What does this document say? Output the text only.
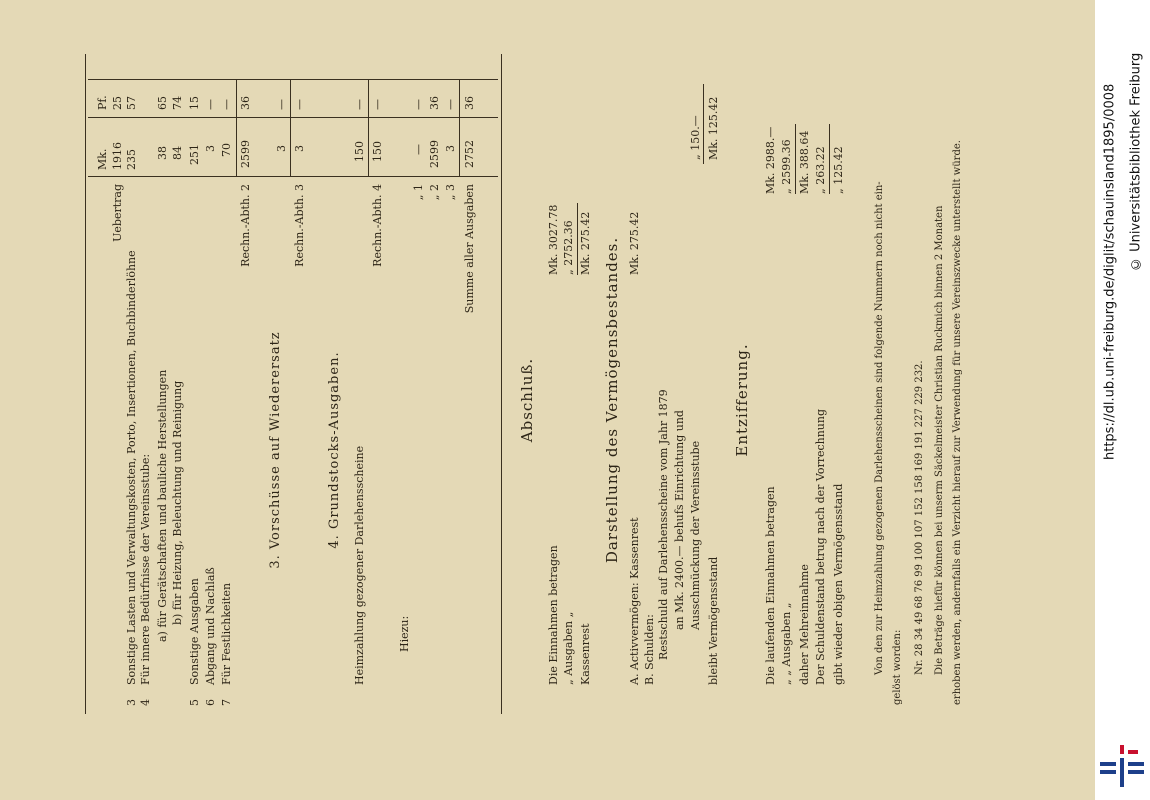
Mk.
Pf.
Uebertrag
1916
25
3
Sonstige Lasten und Verwaltungskosten, Porto, Insertionen, Buchbinderlöhne
235
57
4
Für innere Bedürfnisse der Vereinsstube: a) für Gerätschaften und bauliche Herstellungen
38
65
b) für Heizung, Beleuchtung und Reinigung
84
74
5
Sonstige Ausgaben
251
15
6
Abgang und Nachlaß
3
—
7
Für Festlichkeiten
70
—
Rechn.-Abth. 2
2599
36
3. Vorschüsse auf Wiederersatz
3
—
Rechn.-Abth. 3
3
—
4. Grundstocks-Ausgaben. Heimzahlung gezogener Darlehensscheine
150
—
Rechn.-Abth. 4
150
—
Hiezu:
„ 1
—
—
„ 2
2599
36
„ 3
3
—
Summe aller Ausgaben
2752
36
Abschluß.
Die Einnahmen betragen
Mk. 3027.78
„ Ausgaben „
„ 2752.36
Kassenrest
Mk. 275.42 Darstellung des Vermögensbestandes.
A. Activvermögen: Kassenrest
Mk. 275.42
B. Schulden: Restschuld auf Darlehensscheine vom Jahr 1879 an Mk. 2400.— behufs Einrichtung und Ausschmückung der Vereinsstube
„ 150.—
bleibt Vermögensstand
Mk. 125.42
Entzifferung.
Die laufenden Einnahmen betragen
Mk. 2988.—
„ „ Ausgaben „
„ 2599.36
daher Mehreinnahme
Mk. 388.64
Der Schuldenstand betrug nach der Vorrechnung
„ 263.22
gibt wieder obigen Vermögensstand
„ 125.42
Von den zur Heimzahlung gezogenen Darlehensscheinen sind folgende Nummern noch nicht ein- gelöst worden: Nr. 28 34 49 68 76 99 100 107 152 158 169 191 227 229 232. Die Beträge hiefür können bei unserm Säckelmeister Christian Ruckmich binnen 2 Monaten erhoben werden, andernfalls ein Verzicht hierauf zur Verwendung für unsere Vereinszwecke unterstellt würde.	https://dl.ub.uni-freiburg.de/diglit/schauinsland1895/0008 © Universitätsbibliothek Freiburg
